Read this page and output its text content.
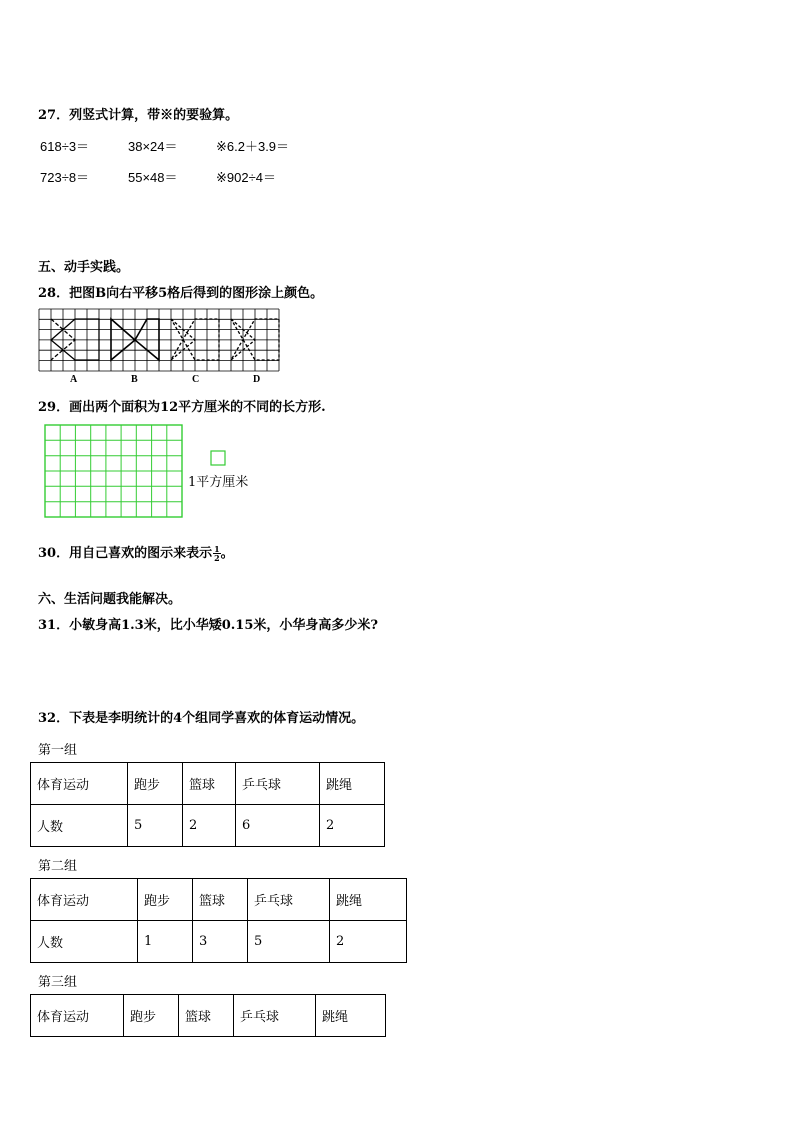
27．列竖式计算，带※的要验算。
618÷3＝	38×24＝	※6.2＋3.9＝
723÷8＝	55×48＝	※902÷4＝
五、动手实践。
28．把图B向右平移5格后得到的图形涂上颜色。
A	B	C	D
29．画出两个面积为12平方厘米的不同的长方形.
1平方厘米
30．用自己喜欢的图示来表示 $\frac{1}{2}$ 。
六、生活问题我能解决。
31．小敏身高1.3米，比小华矮0.15米，小华身高多少米?
32．下表是李明统计的4个组同学喜欢的体育运动情况。
第一组
体育运动	跑步	篮球	乒乓球	跳绳
人数	5	2	6	2
第二组
体育运动	跑步	篮球	乒乓球	跳绳
人数	1	3	5	2
第三组
体育运动	跑步	篮球	乒乓球	跳绳
